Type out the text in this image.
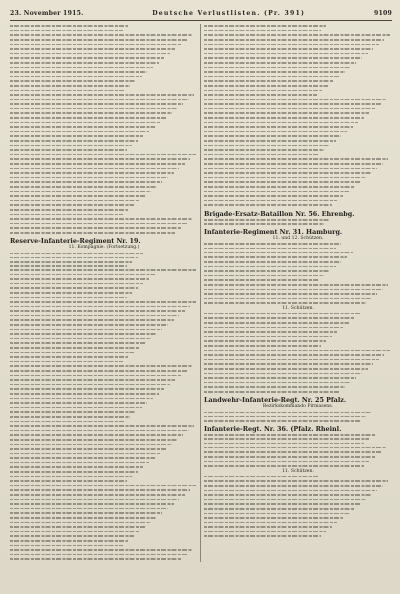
23. November 1915.	Deutsche Verlustlisten. (Pr. 391)	9109
Reserve-Infanterie-Regiment Nr. 19.
11. Kompagnie. (Fortsetzung.)
Brigade-Ersatz-Bataillon Nr. 56. Ehrenbg.
Infanterie-Regiment Nr. 31. Hamburg.
11. und 12. Schützen.
11. Schützen.
Landwehr-Infanterie-Regt. Nr. 25 Pfalz.
Bezirkskommando Pirmasens.
Infanterie-Regt. Nr. 36. (Pfalz. Rheinl.
11. Schützen.
